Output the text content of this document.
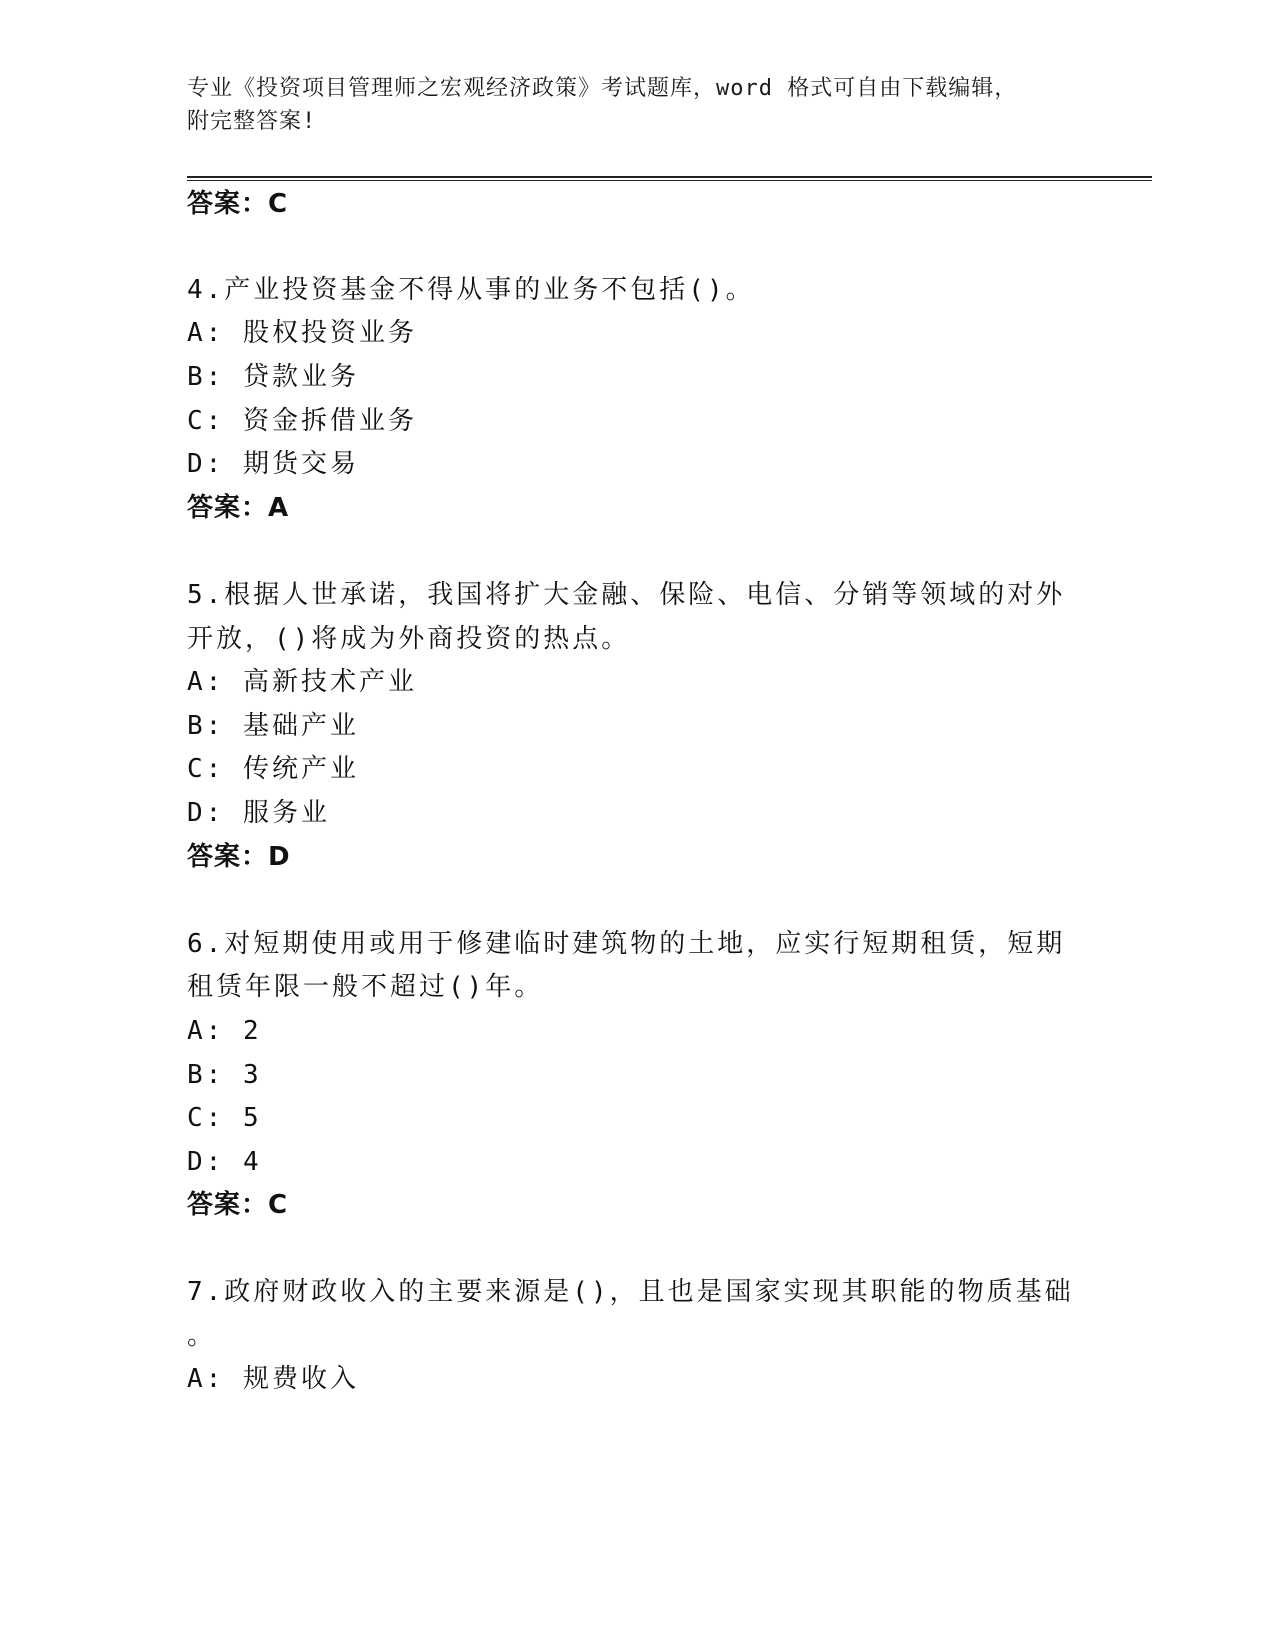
专业《投资项目管理师之宏观经济政策》考试题库，word 格式可自由下载编辑，
附完整答案!
答案：C
4.产业投资基金不得从事的业务不包括()。
A: 股权投资业务
B: 贷款业务
C: 资金拆借业务
D: 期货交易
答案：A
5.根据人世承诺，我国将扩大金融、保险、电信、分销等领域的对外
开放，()将成为外商投资的热点。
A: 高新技术产业
B: 基础产业
C: 传统产业
D: 服务业
答案：D
6.对短期使用或用于修建临时建筑物的土地，应实行短期租赁，短期
租赁年限一般不超过()年。
A: 2
B: 3
C: 5
D: 4
答案：C
7.政府财政收入的主要来源是()，且也是国家实现其职能的物质基础
。
A: 规费收入
